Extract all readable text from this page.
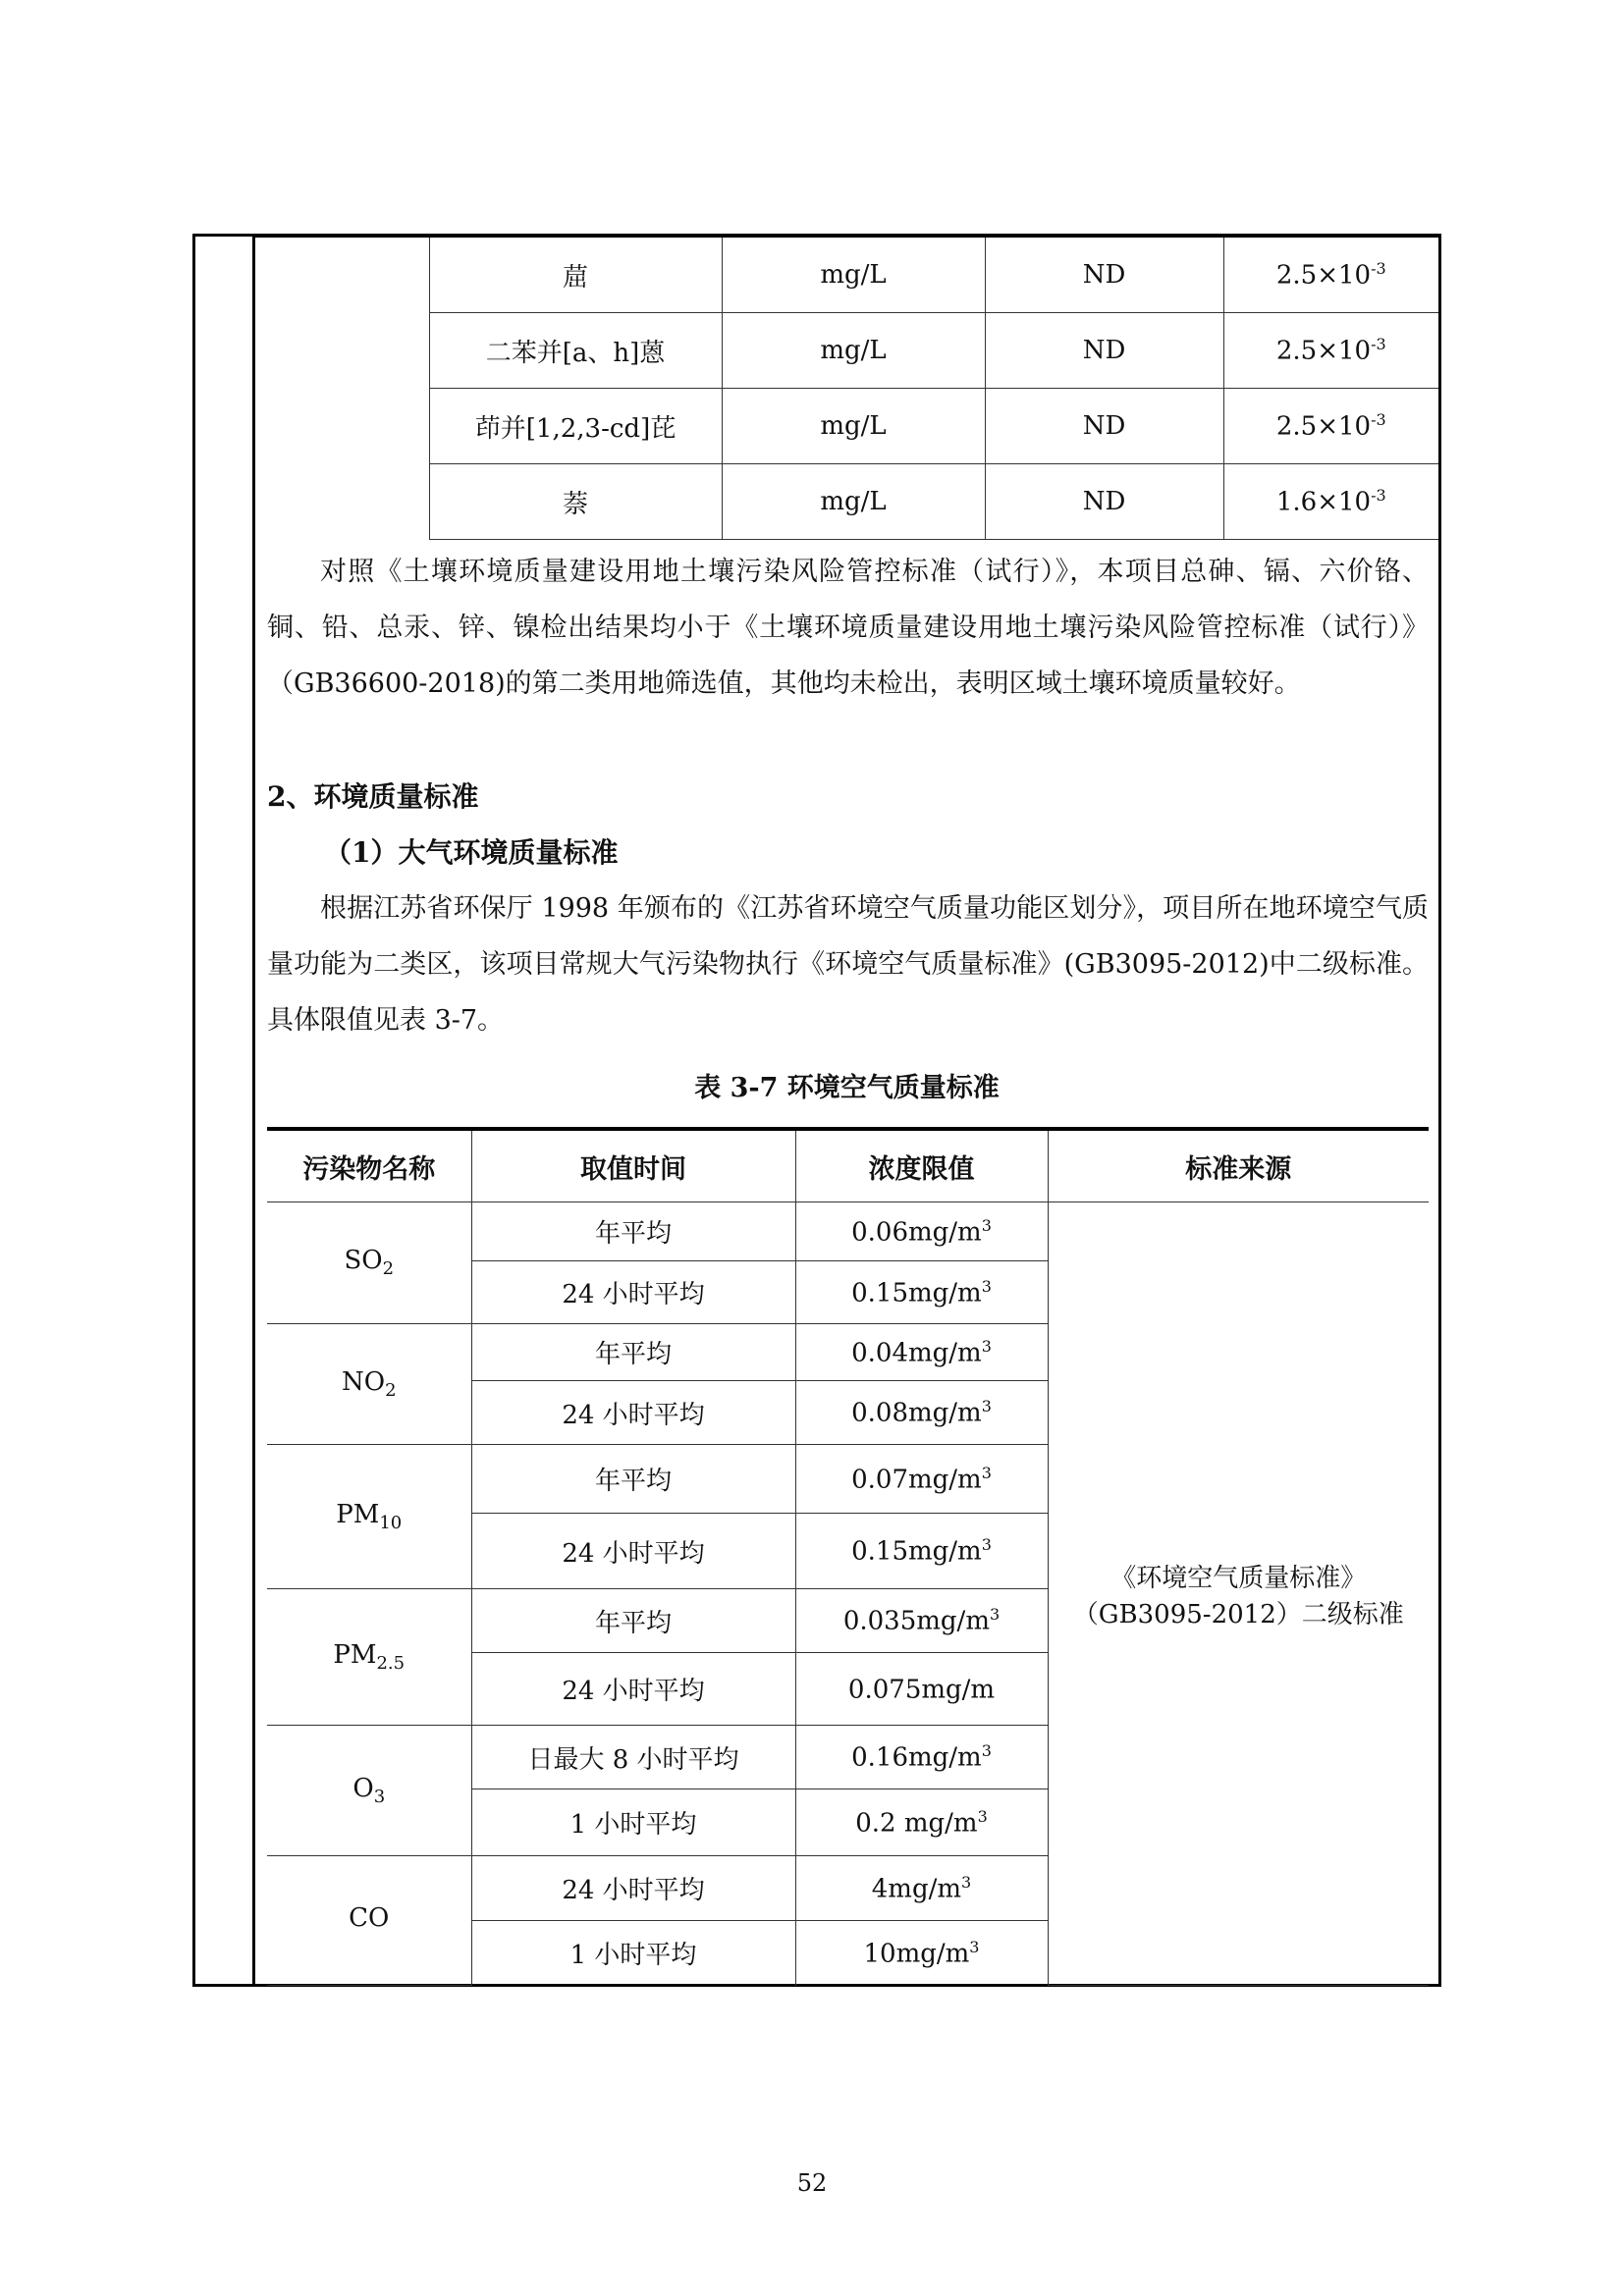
	䓛	mg/L	ND	$2.5\times 10^{-3}$
	二苯并[a、h]蒽	mg/L	ND	$2.5\times 10^{-3}$
	茚并[1,2,3-cd]芘	mg/L	ND	$2.5\times 10^{-3}$
	萘	mg/L	ND	$1.6\times 10^{-3}$

对照《土壤环境质量建设用地土壤污染风险管控标准（试行）》，本项目总砷、镉、六价铬、铜、铅、总汞、锌、镍检出结果均小于《土壤环境质量建设用地土壤污染风险管控标准（试行）》（GB36600-2018)的第二类用地筛选值，其他均未检出，表明区域土壤环境质量较好。

2、环境质量标准
（1）大气环境质量标准

根据江苏省环保厅 1998 年颁布的《江苏省环境空气质量功能区划分》，项目所在地环境空气质量功能为二类区，该项目常规大气污染物执行《环境空气质量标准》(GB3095-2012)中二级标准。具体限值见表 3-7。

表 3-7 环境空气质量标准
污染物名称	取值时间	浓度限值	标准来源
$SO_2$	年平均	$0.06mg/m^3$	《环境空气质量标准》
（GB3095-2012）二级标准

	24 小时平均	$0.15mg/m^3$
$NO_2$	年平均	$0.04mg/m^3$
	24 小时平均	$0.08mg/m^3$
$PM_{10}$	年平均	$0.07mg/m^3$
	24 小时平均	$0.15mg/m^3$
$PM_{2.5}$	年平均	$0.035mg/m^3$
	24 小时平均	0.075mg/m	
$O_3$	日最大 8 小时平均	$0.16mg/m^3$
	1 小时平均	0.2 $mg/m^3$
CO	24 小时平均	$4mg/m^3$
	1 小时平均	$10mg/m^3$
52
